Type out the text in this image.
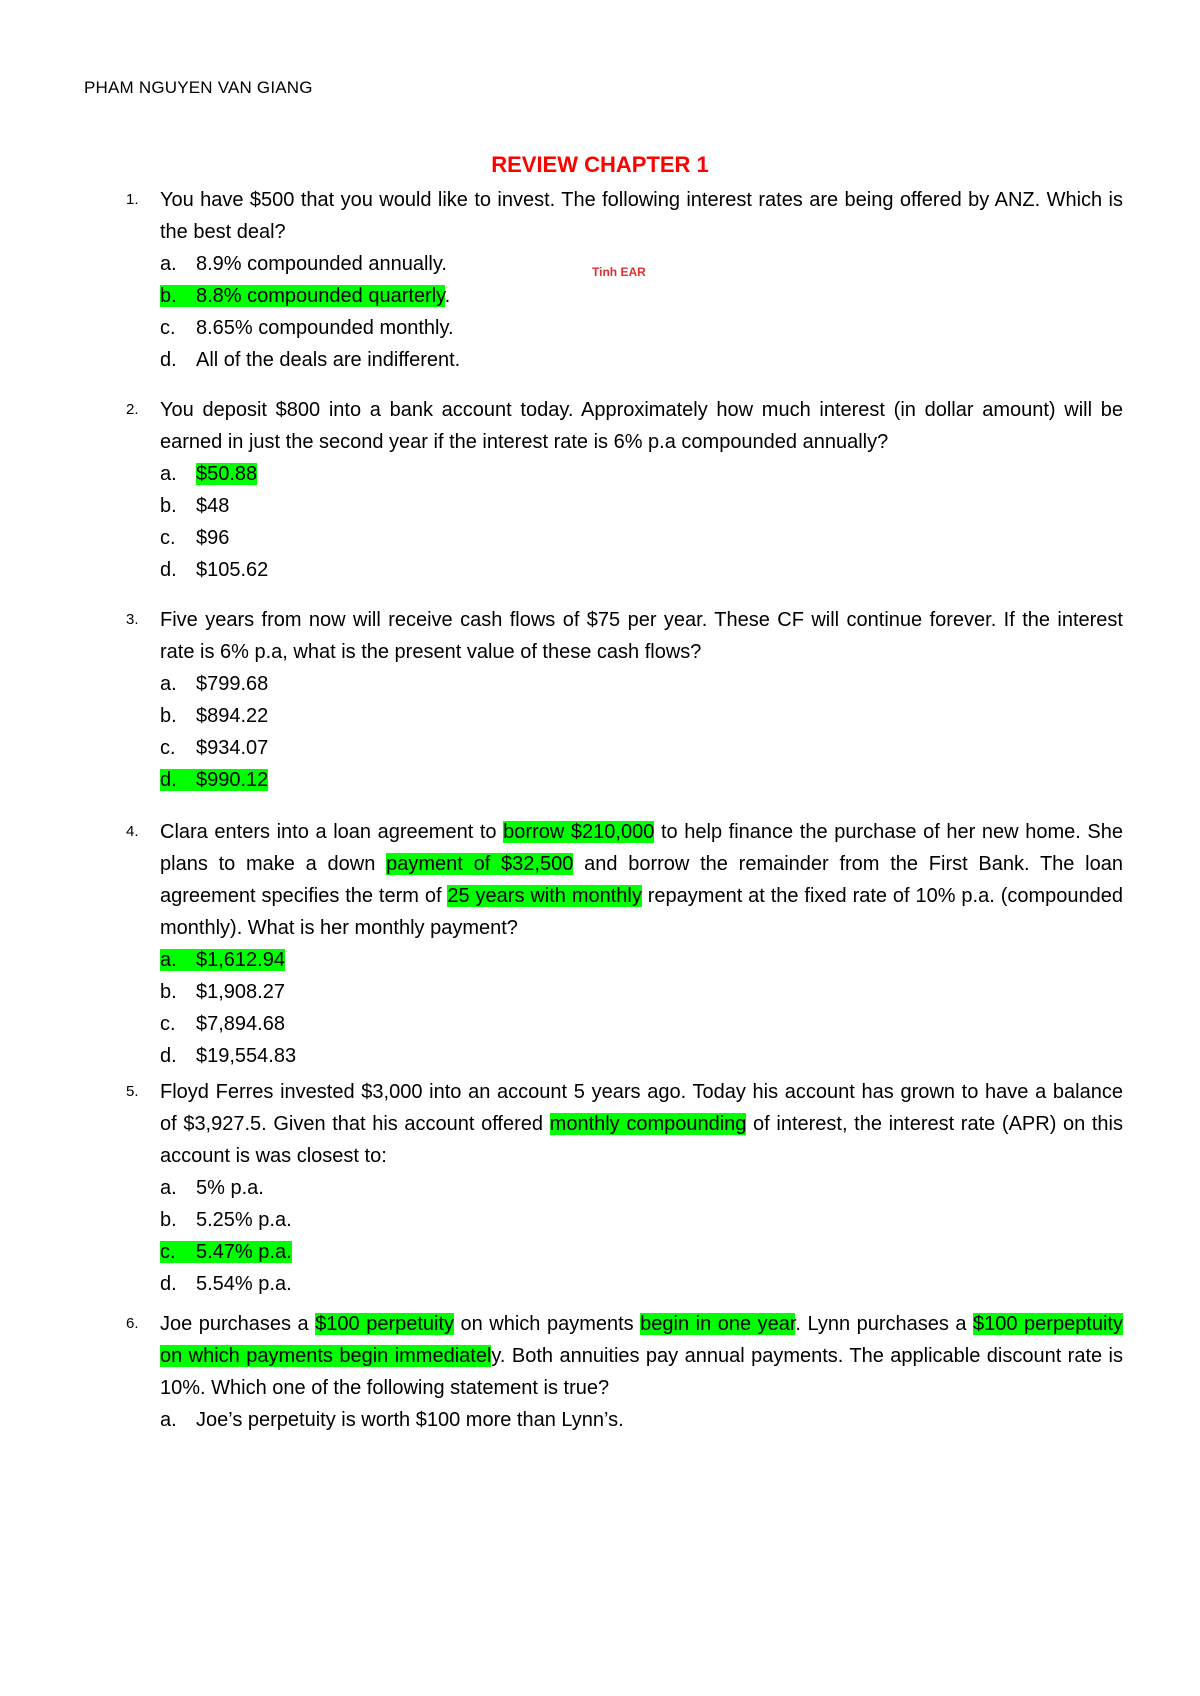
PHAM NGUYEN VAN GIANG
REVIEW CHAPTER 1
Tinh EAR
1. You have $500 that you would like to invest. The following interest rates are being offered by ANZ. Which is the best deal?
a. 8.9% compounded annually.
b. 8.8% compounded quarterly.
c. 8.65% compounded monthly.
d. All of the deals are indifferent.
2. You deposit $800 into a bank account today. Approximately how much interest (in dollar amount) will be earned in just the second year if the interest rate is 6% p.a compounded annually?
a. $50.88
b. $48
c. $96
d. $105.62
3. Five years from now will receive cash flows of $75 per year. These CF will continue forever. If the interest rate is 6% p.a, what is the present value of these cash flows?
a. $799.68
b. $894.22
c. $934.07
d. $990.12
4. Clara enters into a loan agreement to borrow $210,000 to help finance the purchase of her new home. She plans to make a down payment of $32,500 and borrow the remainder from the First Bank. The loan agreement specifies the term of 25 years with monthly repayment at the fixed rate of 10% p.a. (compounded monthly). What is her monthly payment?
a. $1,612.94
b. $1,908.27
c. $7,894.68
d. $19,554.83
5. Floyd Ferres invested $3,000 into an account 5 years ago. Today his account has grown to have a balance of $3,927.5. Given that his account offered monthly compounding of interest, the interest rate (APR) on this account is was closest to:
a. 5% p.a.
b. 5.25% p.a.
c. 5.47% p.a.
d. 5.54% p.a.
6. Joe purchases a $100 perpetuity on which payments begin in one year. Lynn purchases a $100 perpeptuity on which payments begin immediately. Both annuities pay annual payments. The applicable discount rate is 10%. Which one of the following statement is true?
a. Joe’s perpetuity is worth $100 more than Lynn’s.
